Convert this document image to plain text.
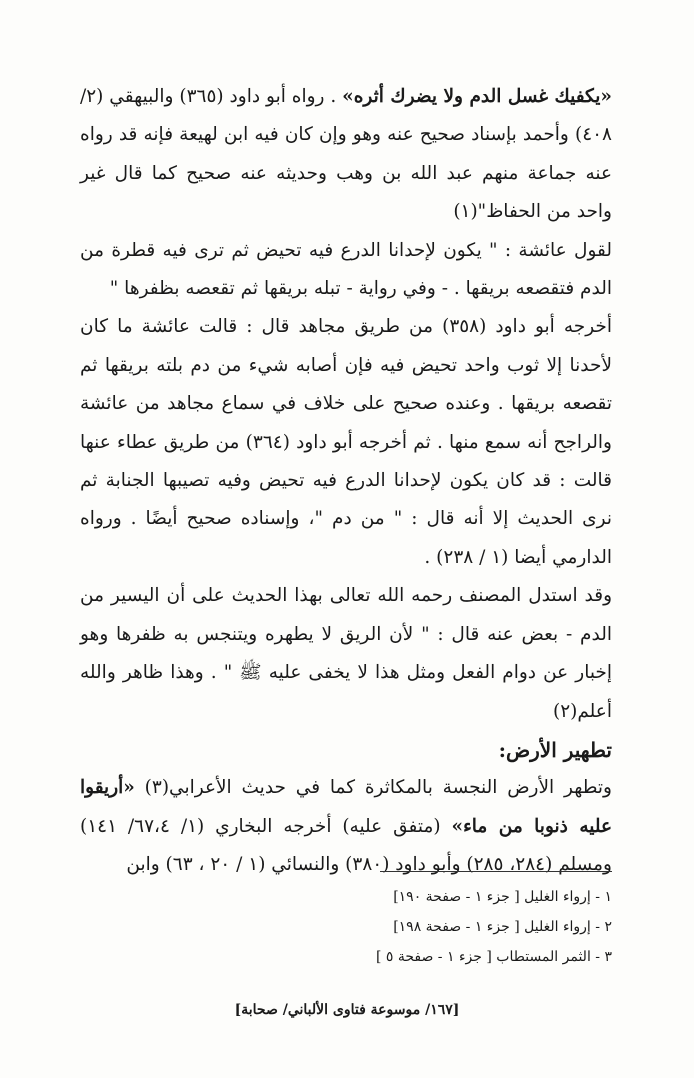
«يكفيك غسل الدم ولا يضرك أثره» . رواه أبو داود (٣٦٥) والبيهقي (٢/ ٤٠٨) وأحمد بإسناد صحيح عنه وهو وإن كان فيه ابن لهيعة فإنه قد رواه عنه جماعة منهم عبد الله بن وهب وحديثه عنه صحيح كما قال غير واحد من الحفاظ"(١)

لقول عائشة : " يكون لإحدانا الدرع فيه تحيض ثم ترى فيه قطرة من الدم فتقصعه بريقها . - وفي رواية - تبله بريقها ثم تقعصه بظفرها "

أخرجه أبو داود (٣٥٨) من طريق مجاهد قال : قالت عائشة ما كان لأحدنا إلا ثوب واحد تحيض فيه فإن أصابه شيء من دم بلته بريقها ثم تقصعه بريقها . وعنده صحيح على خلاف في سماع مجاهد من عائشة والراجح أنه سمع منها . ثم أخرجه أبو داود (٣٦٤) من طريق عطاء عنها قالت : قد كان يكون لإحدانا الدرع فيه تحيض وفيه تصيبها الجنابة ثم نرى الحديث إلا أنه قال : " من دم "، وإسناده صحيح أيضًا . ورواه الدارمي أيضا (١ / ٢٣٨) .

وقد استدل المصنف رحمه الله تعالى بهذا الحديث على أن اليسير من الدم - بعض عنه قال : " لأن الريق لا يطهره ويتنجس به ظفرها وهو إخبار عن دوام الفعل ومثل هذا لا يخفى عليه ﷺ " . وهذا ظاهر والله أعلم(٢)

تطهير الأرض:

وتطهر الأرض النجسة بالمكاثرة كما في حديث الأعرابي(٣) «أريقوا عليه ذنوبا من ماء» (متفق عليه) أخرجه البخاري (١/ ٦٧،٤/ ١٤١) ومسلم (٢٨٤، ٢٨٥) وأبو داود (٣٨٠) والنسائي (١ / ٢٠ ، ٦٣) وابن

١ - إرواء الغليل [ جزء ١ - صفحة ١٩٠]
٢ - إرواء الغليل [ جزء ١ - صفحة ١٩٨]
٣ - الثمر المستطاب [ جزء ١ - صفحة ٥ ]
[١٦٧/ موسوعة فتاوى الألباني/ صحابة]
